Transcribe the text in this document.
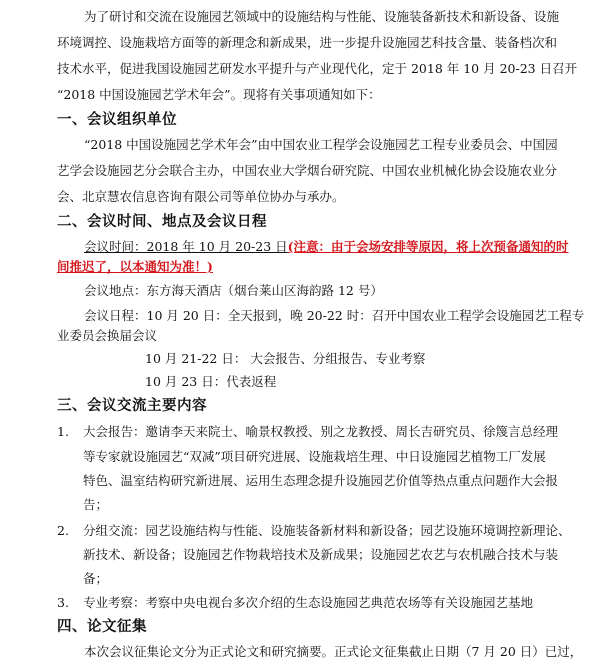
为了研讨和交流在设施园艺领域中的设施结构与性能、设施装备新技术和新设备、设施
环境调控、设施栽培方面等的新理念和新成果，进一步提升设施园艺科技含量、装备档次和
技术水平，促进我国设施园艺研发水平提升与产业现代化，定于 2018 年 10 月 20-23 日召开
“2018 中国设施园艺学术年会”。现将有关事项通知如下：
一、会议组织单位
“2018 中国设施园艺学术年会”由中国农业工程学会设施园艺工程专业委员会、中国园
艺学会设施园艺分会联合主办，中国农业大学烟台研究院、中国农业机械化协会设施农业分
会、北京慧农信息咨询有限公司等单位协办与承办。
二、会议时间、地点及会议日程
会议时间：2018 年 10 月 20-23 日(注意：由于会场安排等原因，将上次预备通知的时
间推迟了，以本通知为准！)
会议地点：东方海天酒店（烟台莱山区海韵路 12 号）
会议日程：10 月 20 日：全天报到，晚 20-22 时：召开中国农业工程学会设施园艺工程专
业委员会换届会议
10 月 21-22 日： 大会报告、分组报告、专业考察
10 月 23 日：代表返程
三、会议交流主要内容
1. 大会报告：邀请李天来院士、喻景权教授、别之龙教授、周长吉研究员、徐篾言总经理
等专家就设施园艺“双减”项目研究进展、设施栽培生理、中日设施园艺植物工厂发展
特色、温室结构研究新进展、运用生态理念提升设施园艺价值等热点重点问题作大会报
告；
2. 分组交流：园艺设施结构与性能、设施装备新材料和新设备；园艺设施环境调控新理论、
新技术、新设备；设施园艺作物栽培技术及新成果；设施园艺农艺与农机融合技术与装
备；
3. 专业考察：考察中央电视台多次介绍的生态设施园艺典范农场等有关设施园艺基地
四、论文征集
本次会议征集论文分为正式论文和研究摘要。正式论文征集截止日期（7 月 20 日）已过，
